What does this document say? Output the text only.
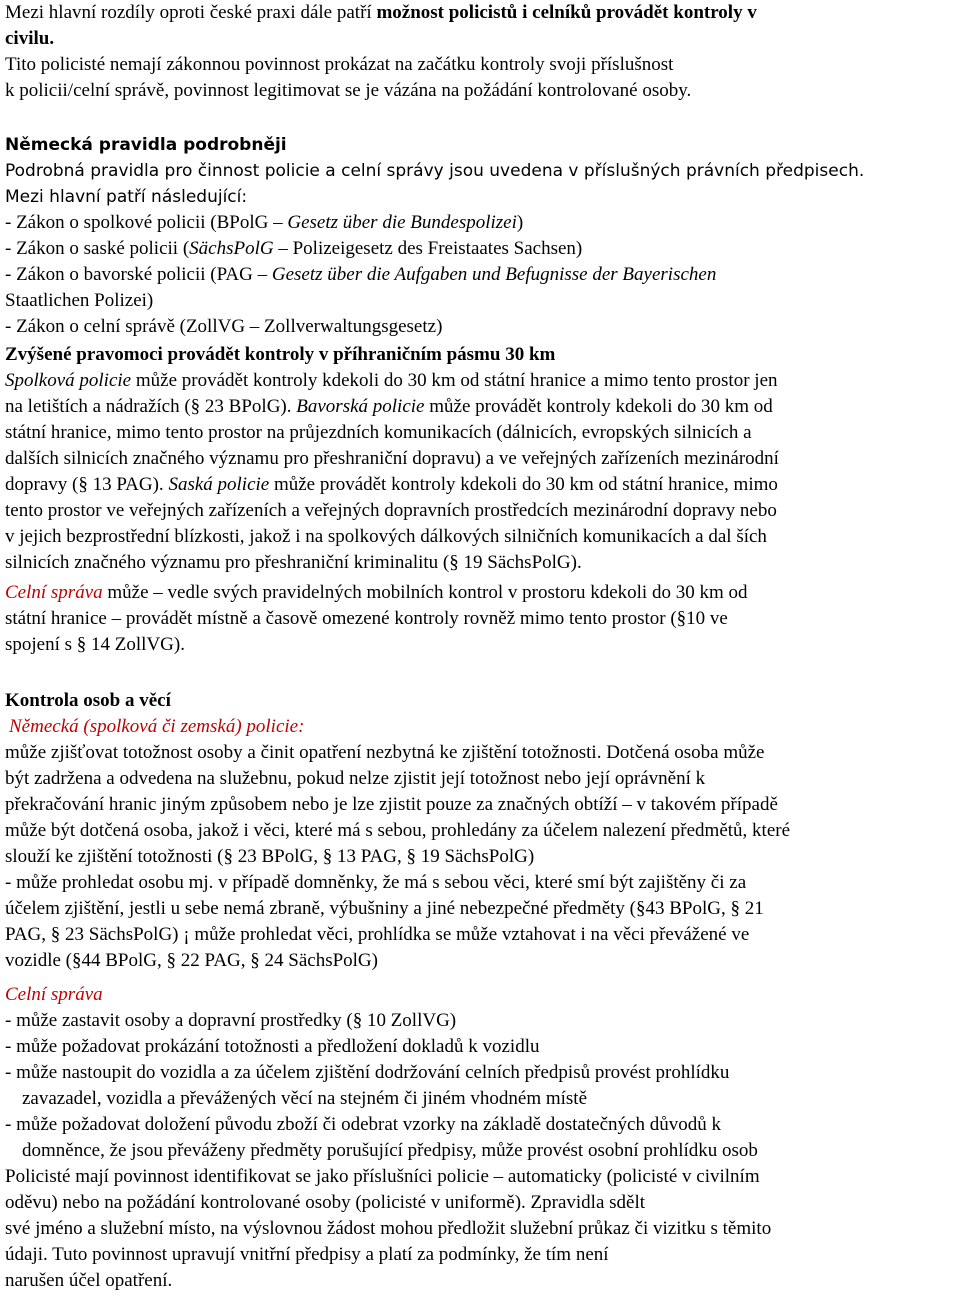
Mezi hlavní rozdíly oproti české praxi dále patří možnost policistů i celníků provádět kontroly v
civilu.
Tito policisté nemají zákonnou povinnost prokázat na začátku kontroly svoji příslušnost
k policii/celní správě, povinnost legitimovat se je vázána na požádání kontrolované osoby.
Německá pravidla podrobněji
Podrobná pravidla pro činnost policie a celní správy jsou uvedena v příslušných právních předpisech.
Mezi hlavní patří následující:
- Zákon o spolkové policii (BPolG – Gesetz über die Bundespolizei)
- Zákon o saské policii (SächsPolG – Polizeigesetz des Freistaates Sachsen)
- Zákon o bavorské policii (PAG – Gesetz über die Aufgaben und Befugnisse der Bayerischen
Staatlichen Polizei)
- Zákon o celní správě (ZollVG – Zollverwaltungsgesetz)
Zvýšené pravomoci provádět kontroly v příhraničním pásmu 30 km
Spolková policie může provádět kontroly kdekoli do 30 km od státní hranice a mimo tento prostor jen
na letištích a nádražích (§ 23 BPolG). Bavorská policie může provádět kontroly kdekoli do 30 km od
státní hranice, mimo tento prostor na průjezdních komunikacích (dálnicích, evropských silnicích a
dalších silnicích značného významu pro přeshraniční dopravu) a ve veřejných zařízeních mezinárodní
dopravy (§ 13 PAG). Saská policie může provádět kontroly kdekoli do 30 km od státní hranice, mimo
tento prostor ve veřejných zařízeních a veřejných dopravních prostředcích mezinárodní dopravy nebo
v jejich bezprostřední blízkosti, jakož i na spolkových dálkových silničních komunikacích a dal ších
silnicích značného významu pro přeshraniční kriminalitu (§ 19 SächsPolG).
Celní správa může – vedle svých pravidelných mobilních kontrol v prostoru kdekoli do 30 km od
státní hranice – provádět místně a časově omezené kontroly rovněž mimo tento prostor (§10 ve
spojení s § 14 ZollVG).
Kontrola osob a věcí
Německá (spolková či zemská) policie:
může zjišťovat totožnost osoby a činit opatření nezbytná ke zjištění totožnosti. Dotčená osoba může
být zadržena a odvedena na služebnu, pokud nelze zjistit její totožnost nebo její oprávnění k
překračování hranic jiným způsobem nebo je lze zjistit pouze za značných obtíží – v takovém případě
může být dotčená osoba, jakož i věci, které má s sebou, prohledány za účelem nalezení předmětů, které
slouží ke zjištění totožnosti (§ 23 BPolG, § 13 PAG, § 19 SächsPolG)
- může prohledat osobu mj. v případě domněnky, že má s sebou věci, které smí být zajištěny či za
účelem zjištění, jestli u sebe nemá zbraně, výbušniny a jiné nebezpečné předměty (§43 BPolG, § 21
PAG, § 23 SächsPolG) ¡ může prohledat věci, prohlídka se může vztahovat i na věci převážené ve
vozidle (§44 BPolG, § 22 PAG, § 24 SächsPolG)
Celní správa
- může zastavit osoby a dopravní prostředky (§ 10 ZollVG)
- může požadovat prokázání totožnosti a předložení dokladů k vozidlu
- může nastoupit do vozidla a za účelem zjištění dodržování celních předpisů provést prohlídku
zavazadel, vozidla a převážených věcí na stejném či jiném vhodném místě
- může požadovat doložení původu zboží či odebrat vzorky na základě dostatečných důvodů k
domněnce, že jsou převáženy předměty porušující předpisy, může provést osobní prohlídku osob
Policisté mají povinnost identifikovat se jako příslušníci policie – automaticky (policisté v civilním
oděvu) nebo na požádání kontrolované osoby (policisté v uniformě). Zpravidla sdělt
své jméno a služební místo, na výslovnou žádost mohou předložit služební průkaz či vizitku s těmito
údaji. Tuto povinnost upravují vnitřní předpisy a platí za podmínky, že tím není
narušen účel opatření.
